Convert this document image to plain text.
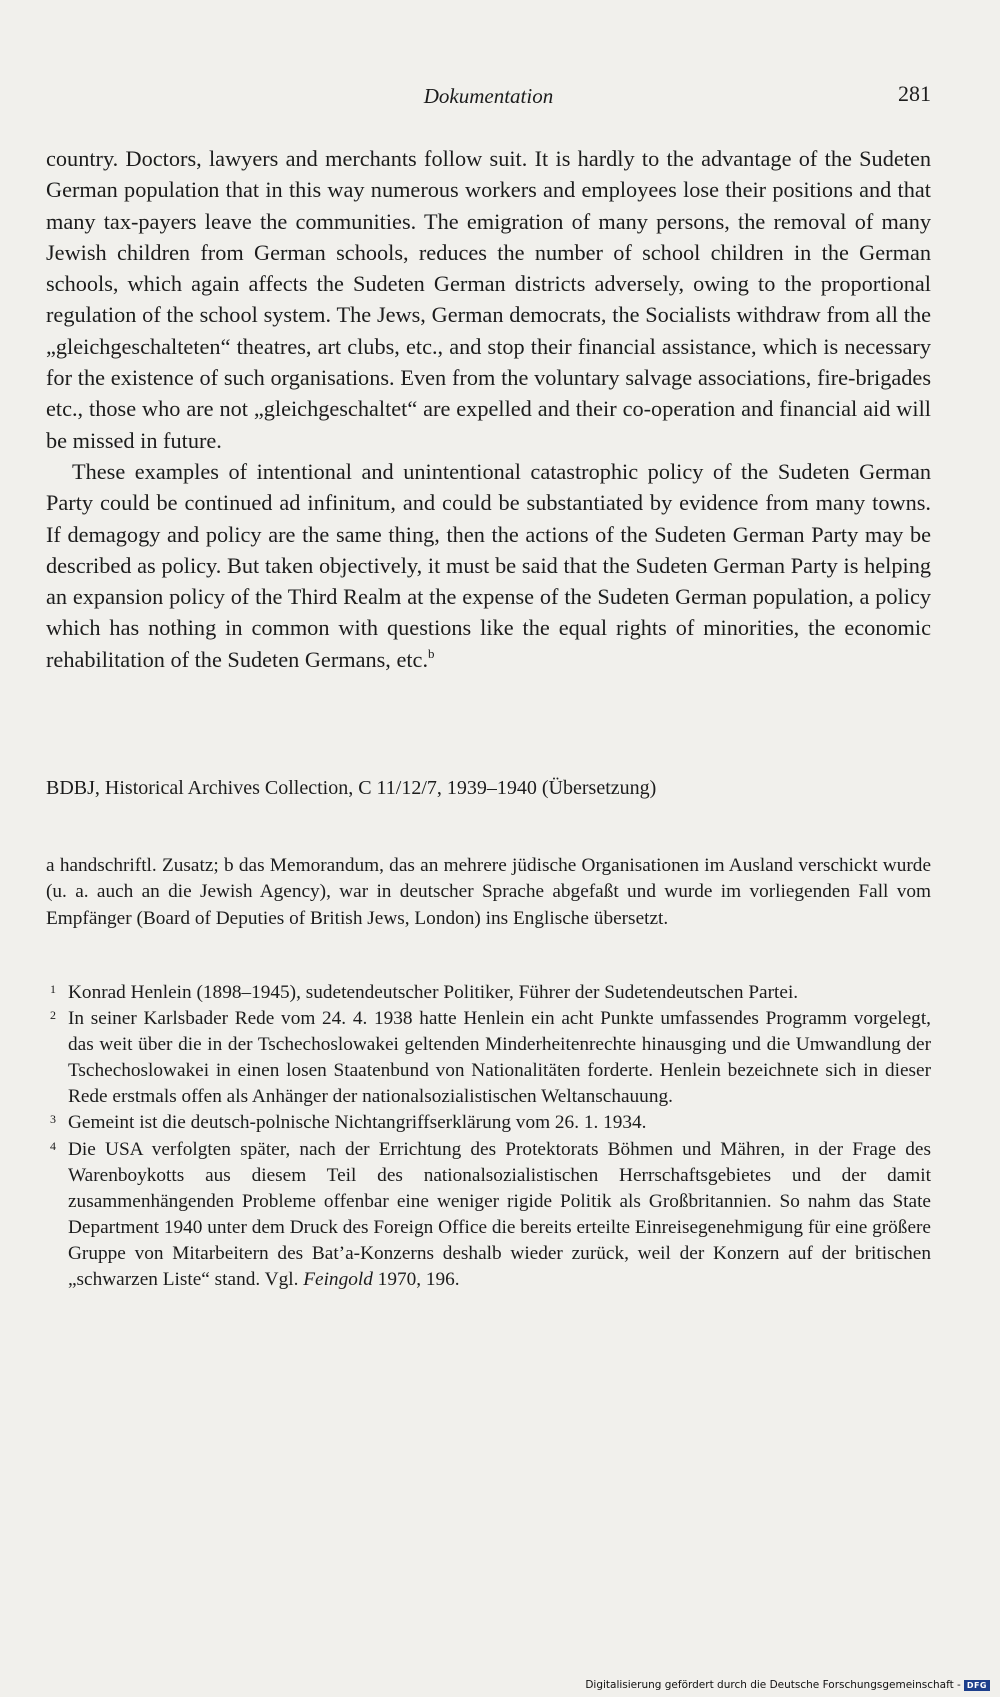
Dokumentation	281

country. Doctors, lawyers and merchants follow suit. It is hardly to the advantage of the Sudeten German population that in this way numerous workers and employees lose their positions and that many tax-payers leave the communities. The emigration of many persons, the removal of many Jewish children from German schools, reduces the number of school children in the German schools, which again affects the Sudeten German districts adversely, owing to the proportional regulation of the school system. The Jews, German democrats, the Socialists withdraw from all the „gleichgeschalteten“ theatres, art clubs, etc., and stop their financial assistance, which is necessary for the existence of such organisations. Even from the voluntary salvage associations, fire-brigades etc., those who are not „gleichgeschaltet“ are expelled and their co-operation and financial aid will be missed in future.

These examples of intentional and unintentional catastrophic policy of the Sudeten German Party could be continued ad infinitum, and could be substantiated by evidence from many towns. If demagogy and policy are the same thing, then the actions of the Sudeten German Party may be described as policy. But taken objectively, it must be said that the Sudeten German Party is helping an expansion policy of the Third Realm at the expense of the Sudeten German population, a policy which has nothing in common with questions like the equal rights of minorities, the economic rehabilitation of the Sudeten Germans, etc.$^b$

BDBJ, Historical Archives Collection, C 11/12/7, 1939–1940 (Übersetzung)
a handschriftl. Zusatz; b das Memorandum, das an mehrere jüdische Organisationen im Ausland verschickt wurde (u. a. auch an die Jewish Agency), war in deutscher Sprache abgefaßt und wurde im vorliegenden Fall vom Empfänger (Board of Deputies of British Jews, London) ins Englische übersetzt.

1 Konrad Henlein (1898–1945), sudetendeutscher Politiker, Führer der Sudetendeutschen Partei.

2 In seiner Karlsbader Rede vom 24. 4. 1938 hatte Henlein ein acht Punkte umfassendes Programm vorgelegt, das weit über die in der Tschechoslowakei geltenden Minderheitenrechte hinausging und die Umwandlung der Tschechoslowakei in einen losen Staatenbund von Nationalitäten forderte. Henlein bezeichnete sich in dieser Rede erstmals offen als Anhänger der nationalsozialistischen Weltanschauung.

3 Gemeint ist die deutsch-polnische Nichtangriffserklärung vom 26. 1. 1934.

4 Die USA verfolgten später, nach der Errichtung des Protektorats Böhmen und Mähren, in der Frage des Warenboykotts aus diesem Teil des nationalsozialistischen Herrschaftsgebietes und der damit zusammenhängenden Probleme offenbar eine weniger rigide Politik als Großbritannien. So nahm das State Department 1940 unter dem Druck des Foreign Office die bereits erteilte Einreisegenehmigung für eine größere Gruppe von Mitarbeitern des Bat’a-Konzerns deshalb wieder zurück, weil der Konzern auf der britischen „schwarzen Liste“ stand. Vgl. Feingold 1970, 196.

Digitalisierung gefördert durch die Deutsche Forschungsgemeinschaft - DFG
